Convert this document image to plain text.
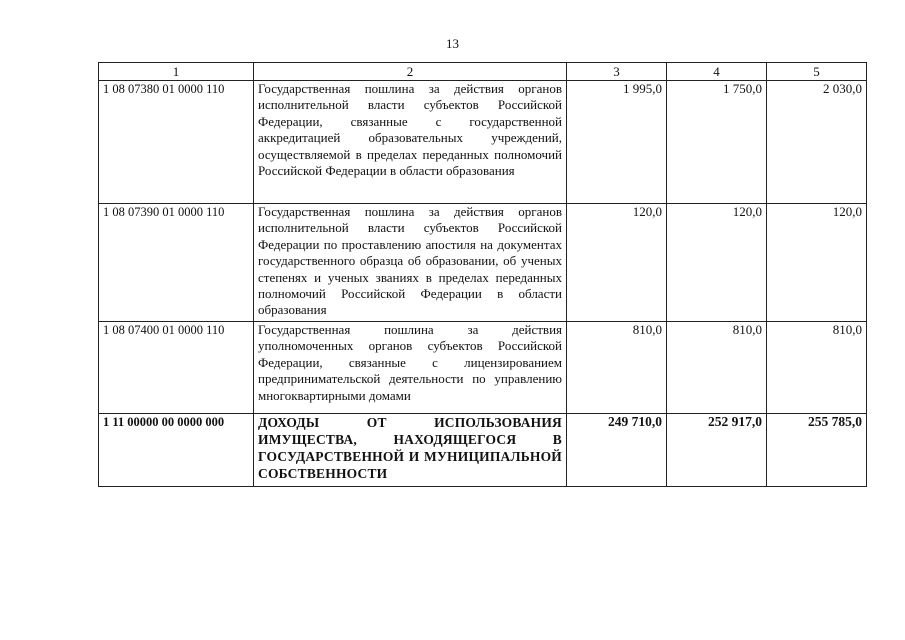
13
1	2	3	4	5
1 08 07380 01 0000 110	Государственная пошлина за действия органов исполнительной власти субъектов Российской Федерации, связанные с государственной аккредитацией образовательных учреждений, осуществляемой в пределах переданных полномочий Российской Федерации в области образования	1 995,0	1 750,0	2 030,0
1 08 07390 01 0000 110	Государственная пошлина за действия органов исполнительной власти субъектов Российской Федерации по проставлению апостиля на документах государственного образца об образовании, об ученых степенях и ученых званиях в пределах переданных полномочий Российской Федерации в области образования	120,0	120,0	120,0
1 08 07400 01 0000 110	Государственная пошлина за действия уполномоченных органов субъектов Российской Федерации, связанные с лицензированием предпринимательской деятельности по управлению многоквартирными домами	810,0	810,0	810,0
1 11 00000 00 0000 000	ДОХОДЫ ОТ ИСПОЛЬЗОВАНИЯ ИМУЩЕСТВА, НАХОДЯЩЕГОСЯ В ГОСУДАРСТВЕННОЙ И МУНИЦИПАЛЬНОЙ СОБСТВЕННОСТИ	249 710,0	252 917,0	255 785,0
